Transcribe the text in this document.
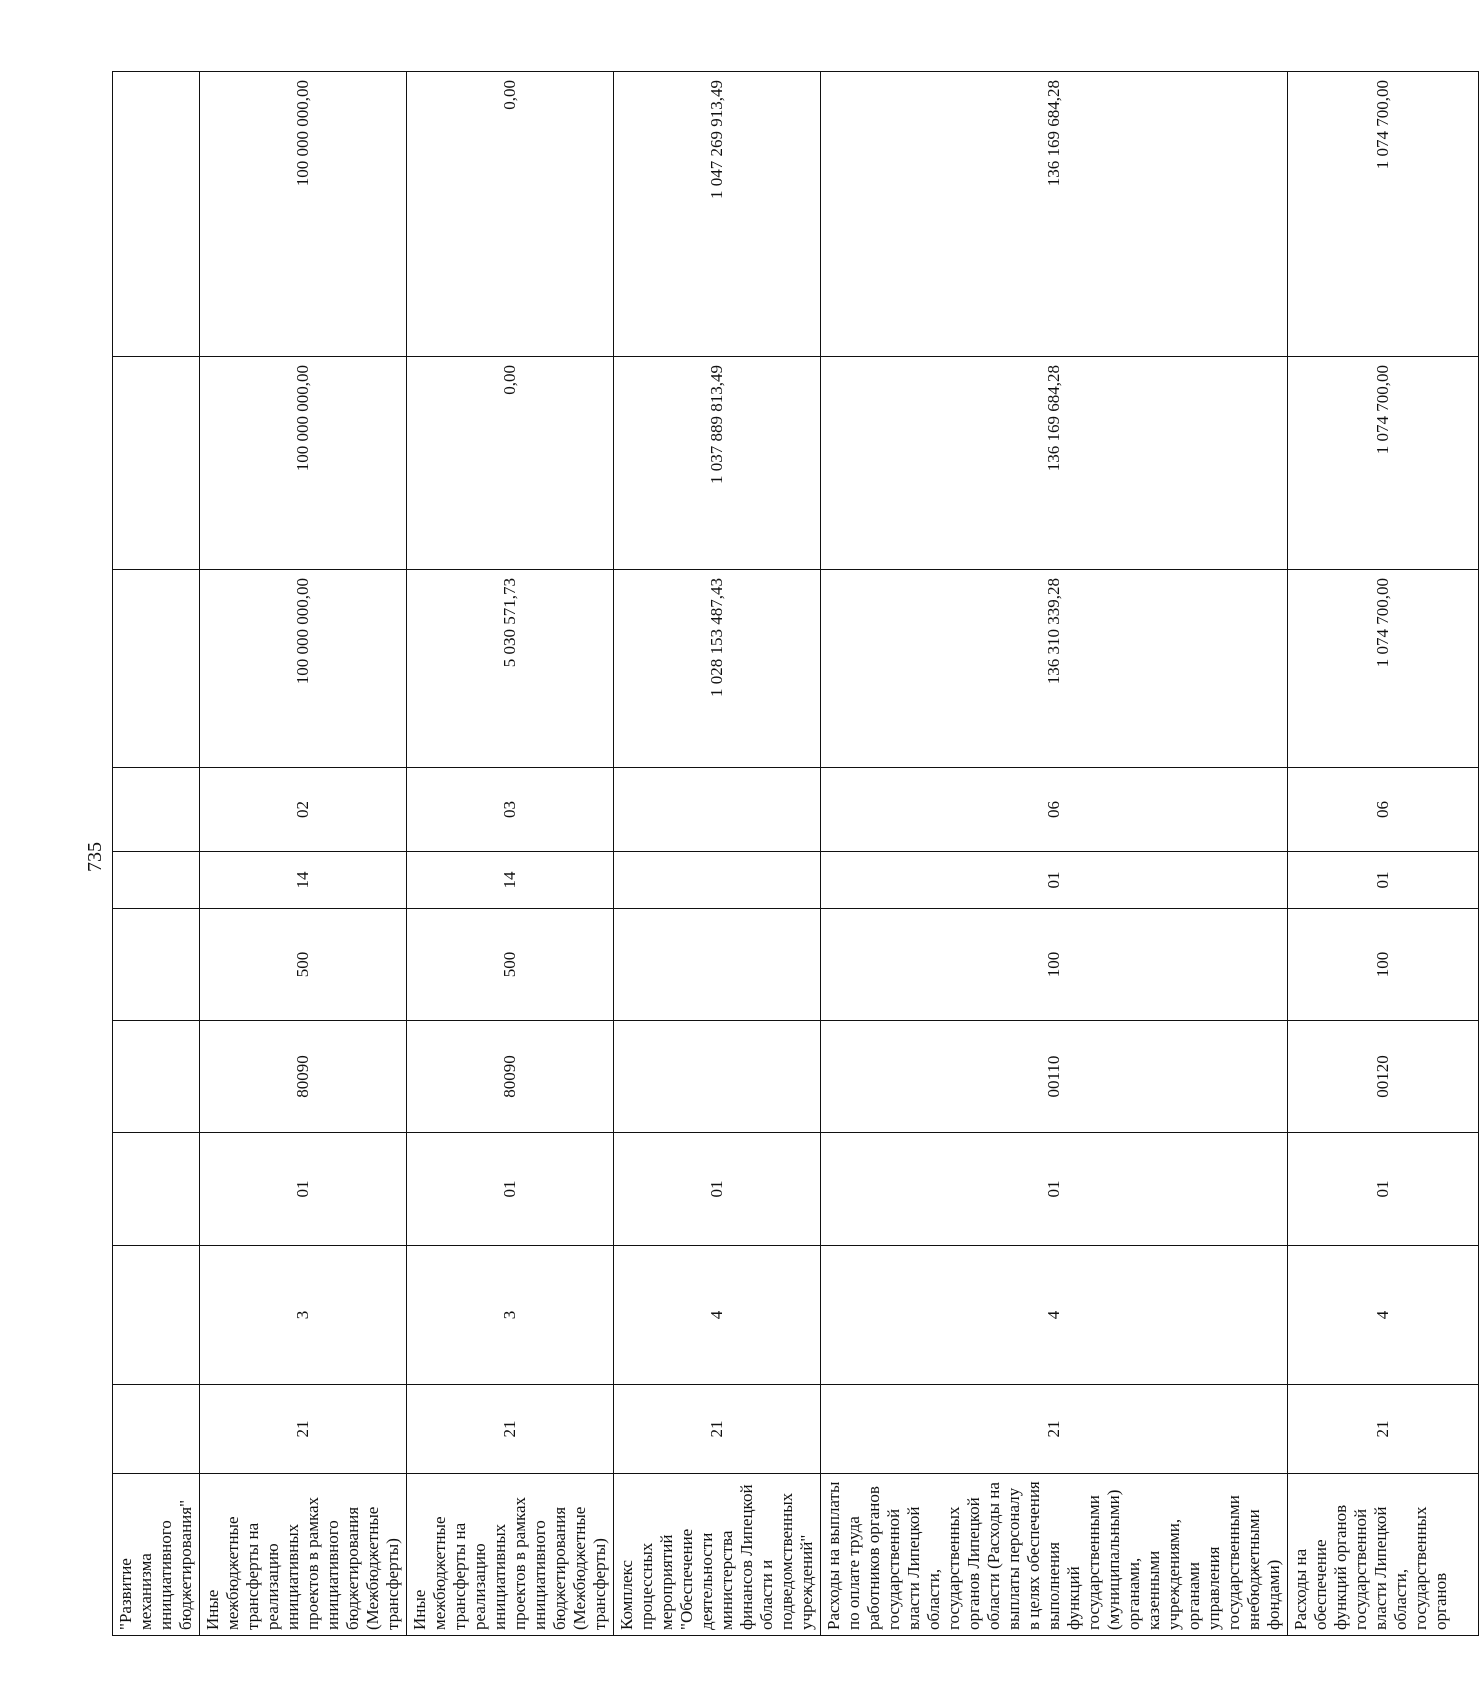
735
"Развитие механизма инициативного бюджетирования"										
Иные межбюджетные трансферты на реализацию инициативных проектов в рамках инициативного бюджетирования (Межбюджетные трансферты)	21	3	01	80090	500	14	02	100 000 000,00	100 000 000,00	100 000 000,00
Иные межбюджетные трансферты на реализацию инициативных проектов в рамках инициативного бюджетирования (Межбюджетные трансферты)	21	3	01	80090	500	14	03	5 030 571,73	0,00	0,00
Комплекс процессных мероприятий "Обеспечение деятельности министерства финансов Липецкой области и подведомственных учреждений"	21	4	01					1 028 153 487,43	1 037 889 813,49	1 047 269 913,49
Расходы на выплаты по оплате труда работников органов государственной власти Липецкой области, государственных органов Липецкой области (Расходы на выплаты персоналу в целях обеспечения выполнения функций государственными (муниципальными) органами, казенными учреждениями, органами управления государственными внебюджетными фондами)	21	4	01	00110	100	01	06	136 310 339,28	136 169 684,28	136 169 684,28
Расходы на обеспечение функций органов государственной власти Липецкой области, государственных органов	21	4	01	00120	100	01	06	1 074 700,00	1 074 700,00	1 074 700,00
